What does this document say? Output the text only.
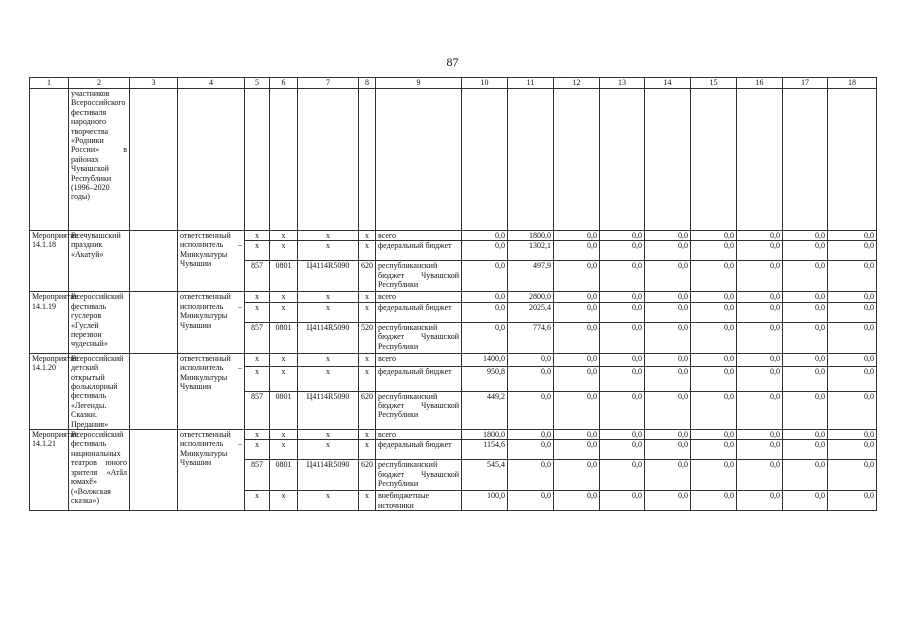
87
1	2	3	4	5	6	7	8	9	10	11	12	13	14	15	16	17	18
	участников Всероссийского фестиваля народного творчества «Родники России» в районах Чувашской Республики (1996–2020 годы)																
Мероприятие 14.1.18	Всечувашский праздник «Акатуй»		ответственный исполнитель – Минкультуры Чувашии	х	х	х	х	всего	0,0	1800,0	0,0	0,0	0,0	0,0	0,0	0,0	0,0
				х	х	х	х	федеральный бюджет	0,0	1302,1	0,0	0,0	0,0	0,0	0,0	0,0	0,0
				857	0801	Ц4114R5090	620	республиканский бюджет Чувашской Республики	0,0	497,9	0,0	0,0	0,0	0,0	0,0	0,0	0,0
Мероприятие 14.1.19	Всероссийский фестиваль гуслеров «Гуслей перезвон чудесный»		ответственный исполнитель – Минкультуры Чувашии	х	х	х	х	всего	0,0	2800,0	0,0	0,0	0,0	0,0	0,0	0,0	0,0
				х	х	х	х	федеральный бюджет	0,0	2025,4	0,0	0,0	0,0	0,0	0,0	0,0	0,0
				857	0801	Ц4114R5090	520	республиканский бюджет Чувашской Республики	0,0	774,6	0,0	0,0	0,0	0,0	0,0	0,0	0,0
Мероприятие 14.1.20	Всероссийский детский открытый фольклорный фестиваль «Легенды. Сказки. Предания»		ответственный исполнитель – Минкультуры Чувашии	х	х	х	х	всего	1400,0	0,0	0,0	0,0	0,0	0,0	0,0	0,0	0,0
				х	х	х	х	федеральный бюджет	950,8	0,0	0,0	0,0	0,0	0,0	0,0	0,0	0,0
				857	0801	Ц4114R5090	620	республиканский бюджет Чувашской Республики	449,2	0,0	0,0	0,0	0,0	0,0	0,0	0,0	0,0
Мероприятие 14.1.21	Всероссийский фестиваль национальных театров юного зрителя «Атӑл юмахӗ» («Волжская сказка»)		ответственный исполнитель – Минкультуры Чувашии	х	х	х	х	всего	1800,0	0,0	0,0	0,0	0,0	0,0	0,0	0,0	0,0
				х	х	х	х	федеральный бюджет	1154,6	0,0	0,0	0,0	0,0	0,0	0,0	0,0	0,0
				857	0801	Ц4114R5090	620	республиканский бюджет Чувашской Республики	545,4	0,0	0,0	0,0	0,0	0,0	0,0	0,0	0,0
				х	х	х	х	внебюджетные источники	100,0	0,0	0,0	0,0	0,0	0,0	0,0	0,0	0,0
